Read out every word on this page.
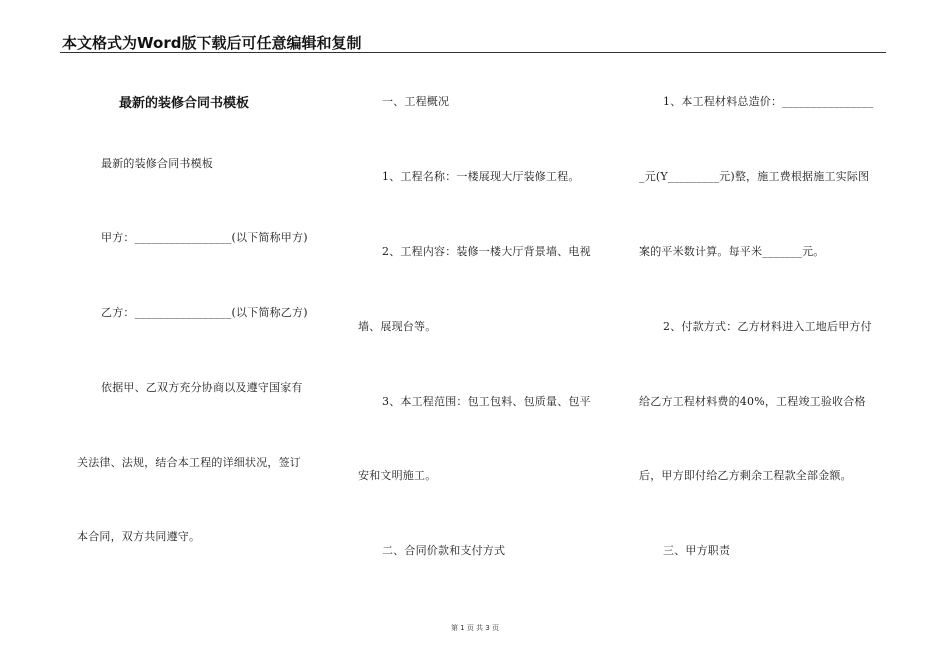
本文格式为Word版下载后可任意编辑和复制
最新的装修合同书模板
最新的装修合同书模板
甲方：_________________(以下简称甲方)
乙方：_________________(以下简称乙方)
依据甲、乙双方充分协商以及遵守国家有
关法律、法规，结合本工程的详细状况，签订
本合同，双方共同遵守。
一、工程概况
1、工程名称：一楼展现大厅装修工程。
2、工程内容：装修一楼大厅背景墙、电视
墙、展现台等。
3、本工程范围：包工包料、包质量、包平
安和文明施工。
二、合同价款和支付方式
1、本工程材料总造价：________________
_元(Y_________元)整，施工费根据施工实际图
案的平米数计算。每平米_______元。
2、付款方式：乙方材料进入工地后甲方付
给乙方工程材料费的40%，工程竣工验收合格
后，甲方即付给乙方剩余工程款全部金额。
三、甲方职责
第 1 页 共 3 页
